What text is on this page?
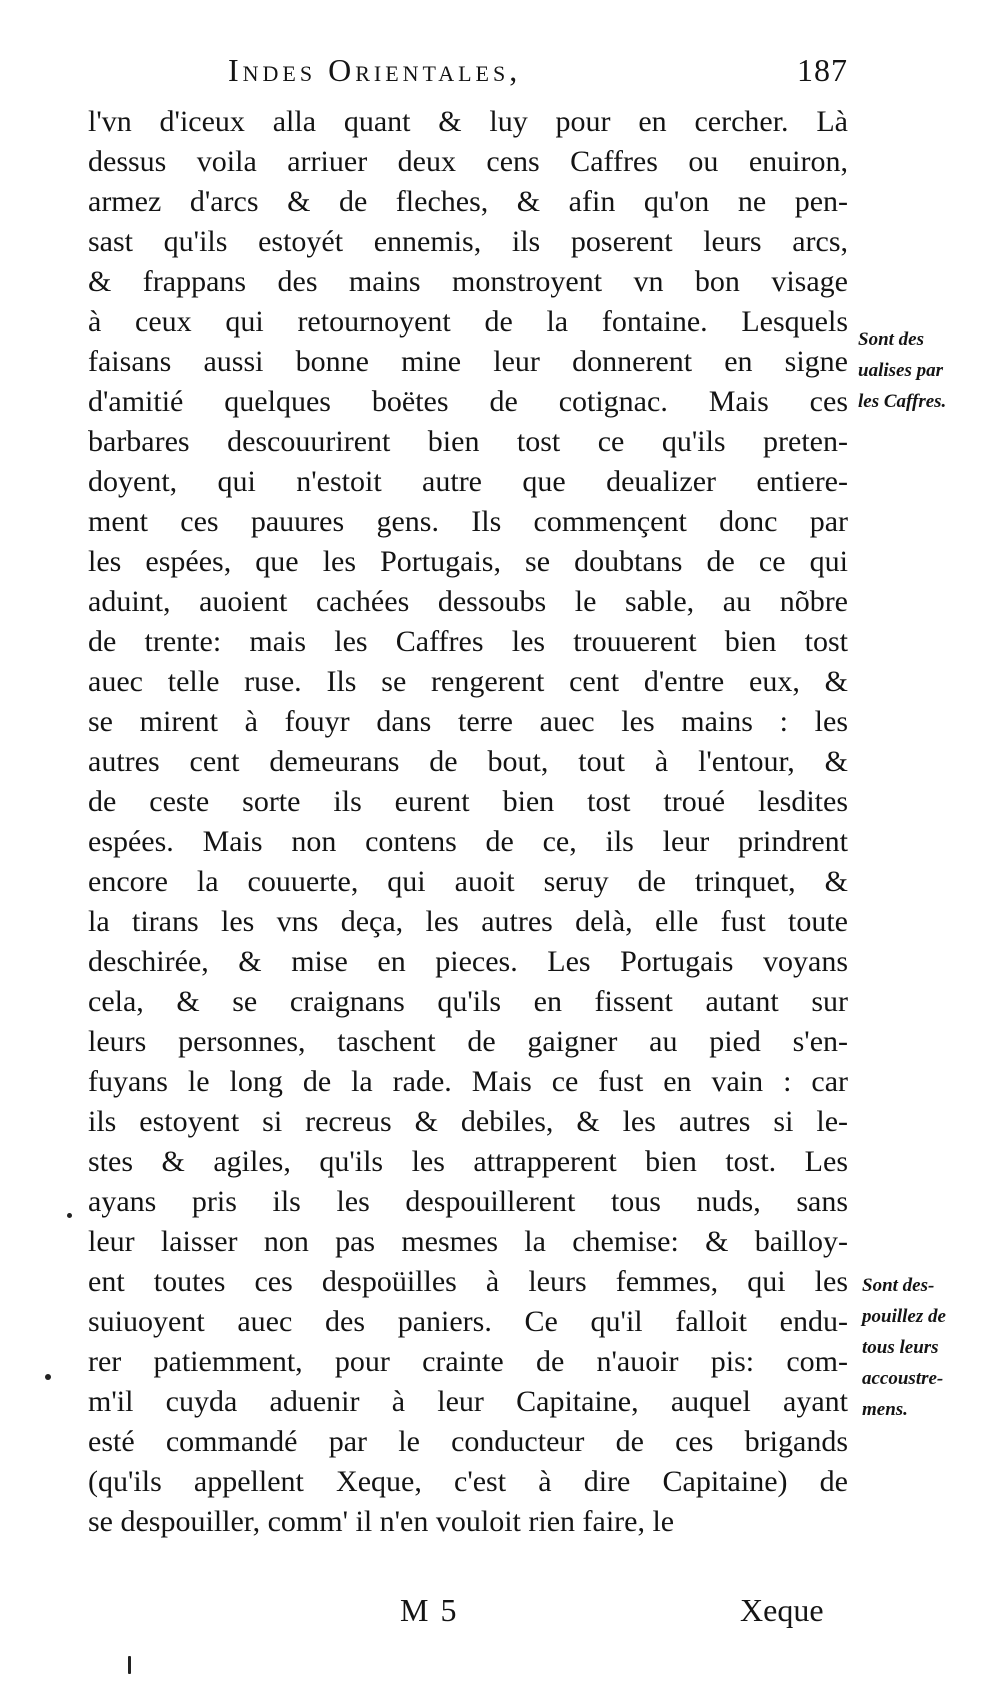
Indes Orientales,	187
l'vn d'iceux alla quant & luy pour en cercher. Là
dessus voila arriuer deux cens Caffres ou enuiron,
armez d'arcs & de fleches, & afin qu'on ne pen-
sast qu'ils estoyét ennemis, ils poserent leurs arcs,
& frappans des mains monstroyent vn bon visage
à ceux qui retournoyent de la fontaine. Lesquels
faisans aussi bonne mine leur donnerent en signe
d'amitié quelques boëtes de cotignac. Mais ces
barbares descouurirent bien tost ce qu'ils preten-
doyent, qui n'estoit autre que deualizer entiere-
ment ces pauures gens. Ils commençent donc par
les espées, que les Portugais, se doubtans de ce qui
aduint, auoient cachées dessoubs le sable, au nõbre
de trente: mais les Caffres les trouuerent bien tost
auec telle ruse. Ils se rengerent cent d'entre eux, &
se mirent à fouyr dans terre auec les mains : les
autres cent demeurans de bout, tout à l'entour, &
de ceste sorte ils eurent bien tost troué lesdites
espées. Mais non contens de ce, ils leur prindrent
encore la couuerte, qui auoit seruy de trinquet, &
la tirans les vns deça, les autres delà, elle fust toute
deschirée, & mise en pieces. Les Portugais voyans
cela, & se craignans qu'ils en fissent autant sur
leurs personnes, taschent de gaigner au pied s'en-
fuyans le long de la rade. Mais ce fust en vain : car
ils estoyent si recreus & debiles, & les autres si le-
stes & agiles, qu'ils les attrapperent bien tost. Les
ayans pris ils les despouillerent tous nuds, sans
leur laisser non pas mesmes la chemise: & bailloy-
ent toutes ces despoüilles à leurs femmes, qui les
suiuoyent auec des paniers. Ce qu'il falloit endu-
rer patiemment, pour crainte de n'auoir pis: com-
m'il cuyda aduenir à leur Capitaine, auquel ayant
esté commandé par le conducteur de ces brigands
(qu'ils appellent Xeque, c'est à dire Capitaine) de
se despouiller, comm' il n'en vouloit rien faire, le
Sont des
ualises par
les Caffres.
Sont des-
pouillez de
tous leurs
accoustre-
mens.
M 5	Xeque
